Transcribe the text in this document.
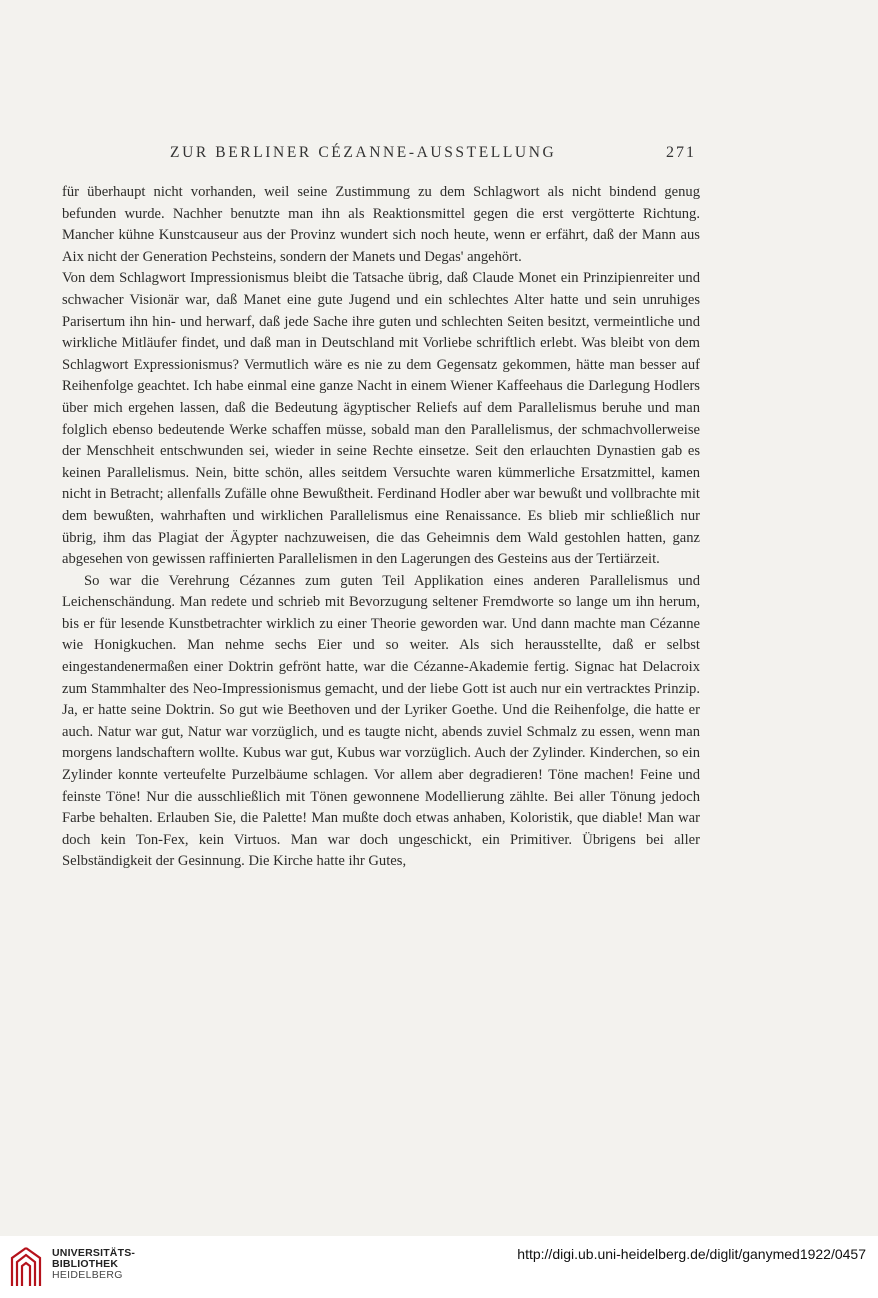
ZUR BERLINER CÉZANNE-AUSSTELLUNG	271

für überhaupt nicht vorhanden, weil seine Zustimmung zu dem Schlagwort als nicht bindend genug befunden wurde. Nachher benutzte man ihn als Reaktionsmittel gegen die erst vergötterte Richtung. Mancher kühne Kunstcauseur aus der Provinz wundert sich noch heute, wenn er erfährt, daß der Mann aus Aix nicht der Generation Pechsteins, sondern der Manets und Degas' angehört.

Von dem Schlagwort Impressionismus bleibt die Tatsache übrig, daß Claude Monet ein Prinzipienreiter und schwacher Visionär war, daß Manet eine gute Jugend und ein schlechtes Alter hatte und sein unruhiges Parisertum ihn hin- und herwarf, daß jede Sache ihre guten und schlechten Seiten besitzt, vermeintliche und wirkliche Mitläufer findet, und daß man in Deutschland mit Vorliebe schriftlich erlebt. Was bleibt von dem Schlagwort Expressionismus? Vermutlich wäre es nie zu dem Gegensatz gekommen, hätte man besser auf Reihenfolge geachtet. Ich habe einmal eine ganze Nacht in einem Wiener Kaffeehaus die Darlegung Hodlers über mich ergehen lassen, daß die Bedeutung ägyptischer Reliefs auf dem Parallelismus beruhe und man folglich ebenso bedeutende Werke schaffen müsse, sobald man den Parallelismus, der schmachvollerweise der Menschheit entschwunden sei, wieder in seine Rechte einsetze. Seit den erlauchten Dynastien gab es keinen Parallelismus. Nein, bitte schön, alles seitdem Versuchte waren kümmerliche Ersatzmittel, kamen nicht in Betracht; allenfalls Zufälle ohne Bewußtheit. Ferdinand Hodler aber war bewußt und vollbrachte mit dem bewußten, wahrhaften und wirklichen Parallelismus eine Renaissance. Es blieb mir schließlich nur übrig, ihm das Plagiat der Ägypter nachzuweisen, die das Geheimnis dem Wald gestohlen hatten, ganz abgesehen von gewissen raffinierten Parallelismen in den Lagerungen des Gesteins aus der Tertiärzeit.

So war die Verehrung Cézannes zum guten Teil Applikation eines anderen Parallelismus und Leichenschändung. Man redete und schrieb mit Bevorzugung seltener Fremdworte so lange um ihn herum, bis er für lesende Kunstbetrachter wirklich zu einer Theorie geworden war. Und dann machte man Cézanne wie Honigkuchen. Man nehme sechs Eier und so weiter. Als sich herausstellte, daß er selbst eingestandenermaßen einer Doktrin gefrönt hatte, war die Cézanne-Akademie fertig. Signac hat Delacroix zum Stammhalter des Neo-Impressionismus gemacht, und der liebe Gott ist auch nur ein vertracktes Prinzip. Ja, er hatte seine Doktrin. So gut wie Beethoven und der Lyriker Goethe. Und die Reihenfolge, die hatte er auch. Natur war gut, Natur war vorzüglich, und es taugte nicht, abends zuviel Schmalz zu essen, wenn man morgens landschaftern wollte. Kubus war gut, Kubus war vorzüglich. Auch der Zylinder. Kinderchen, so ein Zylinder konnte verteufelte Purzelbäume schlagen. Vor allem aber degradieren! Töne machen! Feine und feinste Töne! Nur die ausschließlich mit Tönen gewonnene Modellierung zählte. Bei aller Tönung jedoch Farbe behalten. Erlauben Sie, die Palette! Man mußte doch etwas anhaben, Koloristik, que diable! Man war doch kein Ton-Fex, kein Virtuos. Man war doch ungeschickt, ein Primitiver. Übrigens bei aller Selbständigkeit der Gesinnung. Die Kirche hatte ihr Gutes,

UNIVERSITÄTS-
BIBLIOTHEK
HEIDELBERG
http://digi.ub.uni-heidelberg.de/diglit/ganymed1922/0457
